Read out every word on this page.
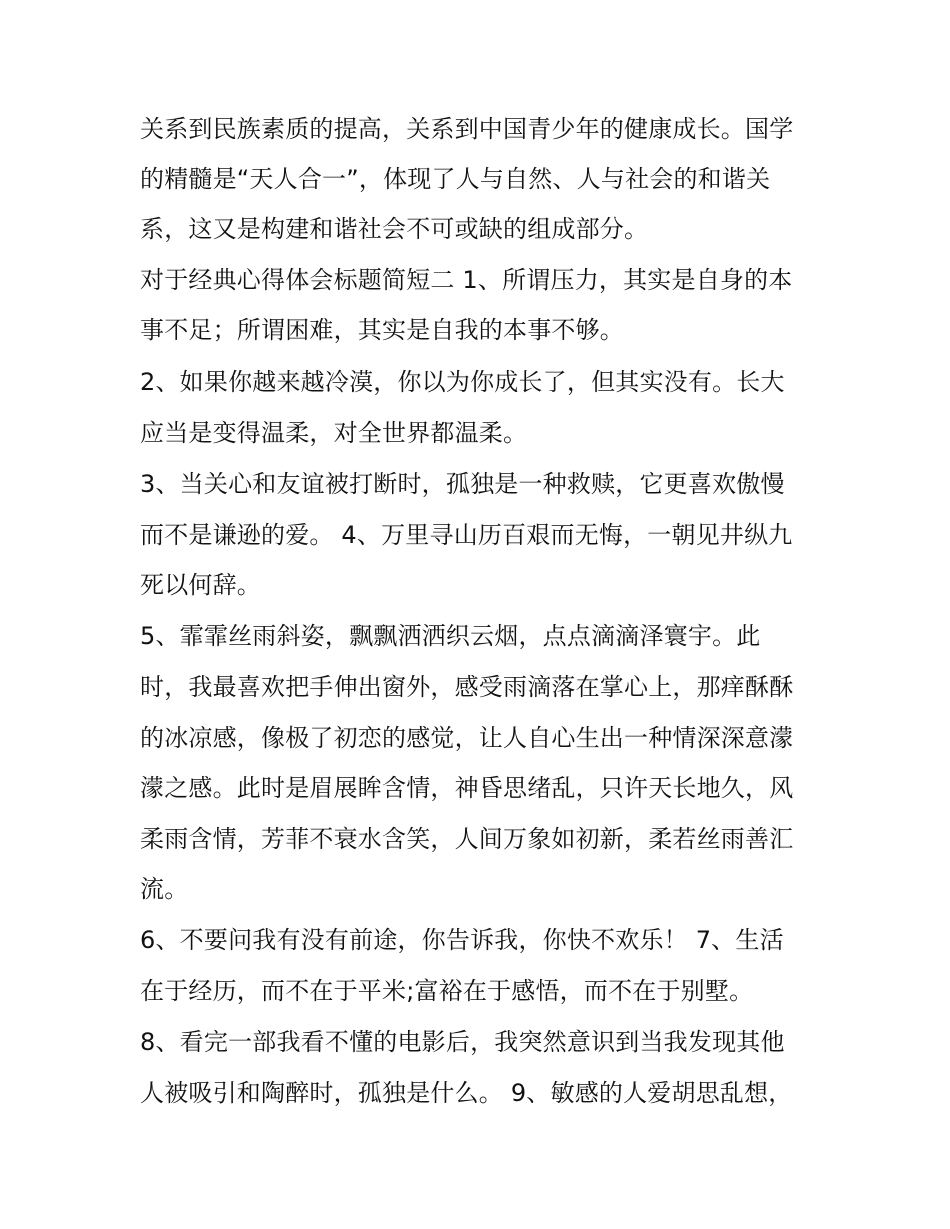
关系到民族素质的提高，关系到中国青少年的健康成长。国学
的精髓是“天人合一”，体现了人与自然、人与社会的和谐关
系，这又是构建和谐社会不可或缺的组成部分。
对于经典心得体会标题简短二 1、所谓压力，其实是自身的本
事不足；所谓困难，其实是自我的本事不够。
2、如果你越来越冷漠，你以为你成长了，但其实没有。长大
应当是变得温柔，对全世界都温柔。
3、当关心和友谊被打断时，孤独是一种救赎，它更喜欢傲慢
而不是谦逊的爱。 4、万里寻山历百艰而无悔，一朝见井纵九
死以何辞。
5、霏霏丝雨斜姿，飘飘洒洒织云烟，点点滴滴泽寰宇。此
时，我最喜欢把手伸出窗外，感受雨滴落在掌心上，那痒酥酥
的冰凉感，像极了初恋的感觉，让人自心生出一种情深深意濛
濛之感。此时是眉展眸含情，神昏思绪乱，只许天长地久，风
柔雨含情，芳菲不衰水含笑，人间万象如初新，柔若丝雨善汇
流。
6、不要问我有没有前途，你告诉我，你快不欢乐！ 7、生活
在于经历，而不在于平米;富裕在于感悟，而不在于别墅。
8、看完一部我看不懂的电影后，我突然意识到当我发现其他
人被吸引和陶醉时，孤独是什么。 9、敏感的人爱胡思乱想，
